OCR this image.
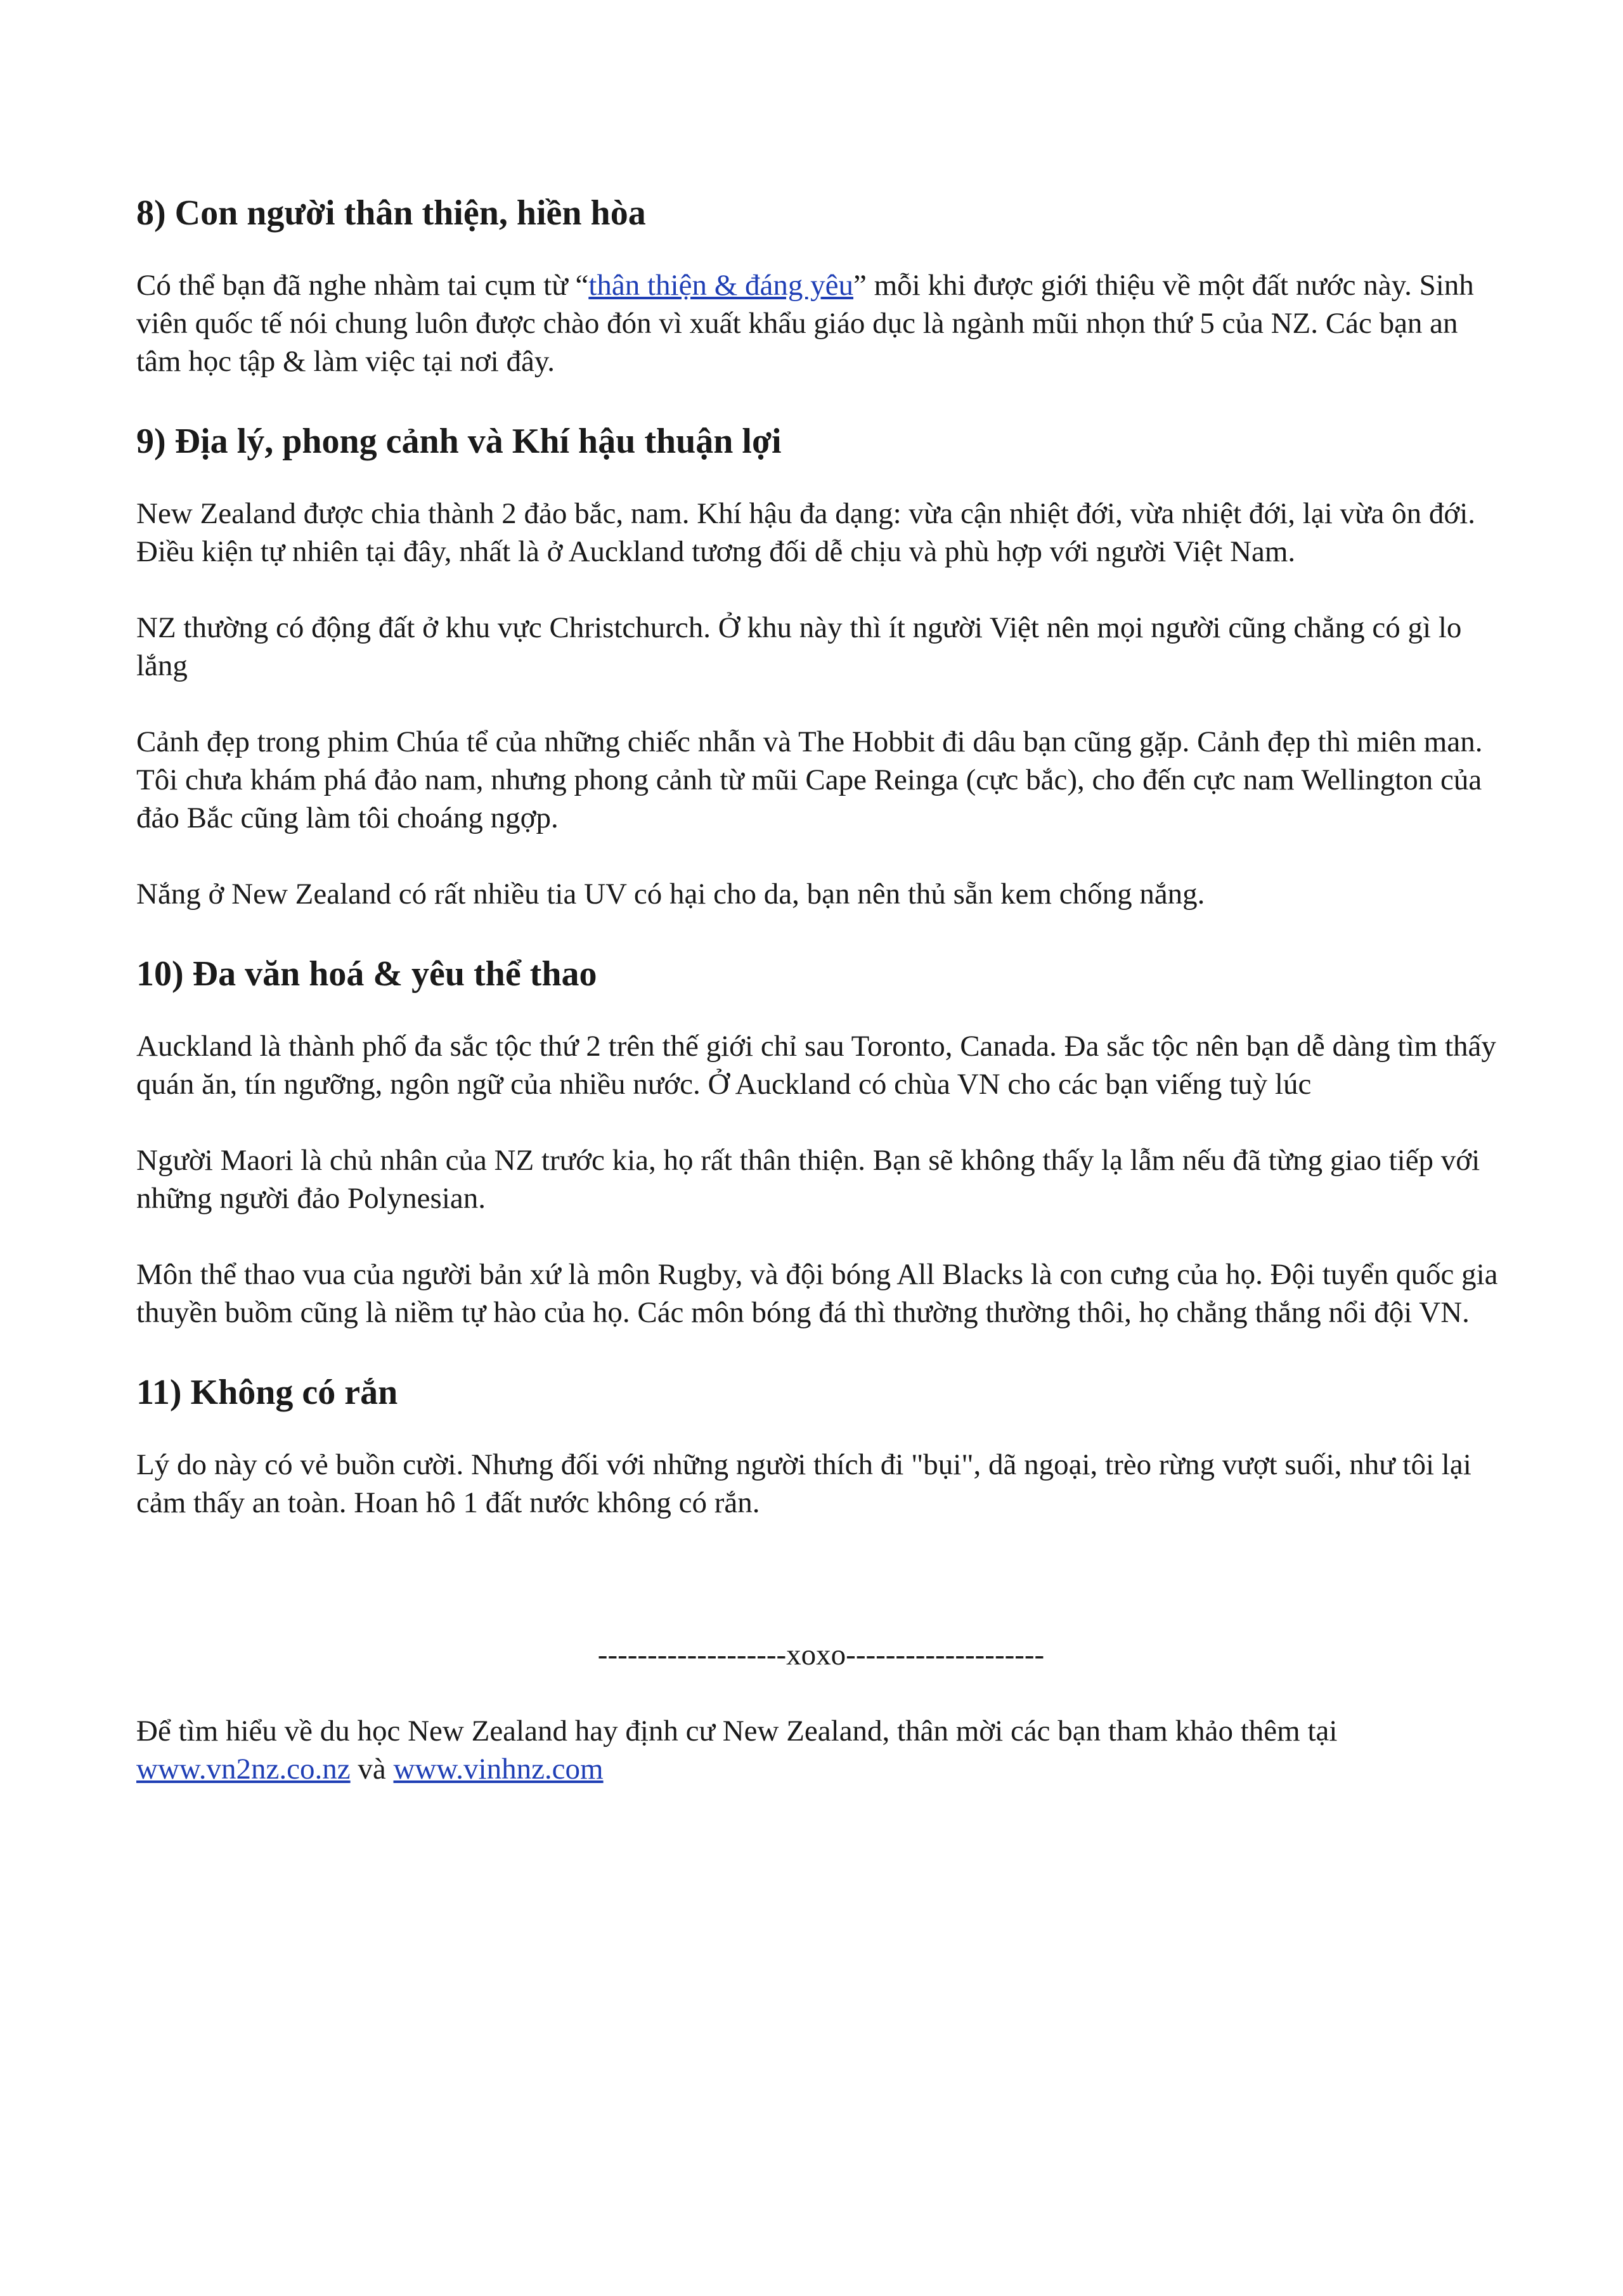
8) Con người thân thiện, hiền hòa

Có thể bạn đã nghe nhàm tai cụm từ “thân thiện & đáng yêu” mỗi khi được giới thiệu về một đất nước này. Sinh viên quốc tế nói chung luôn được chào đón vì xuất khẩu giáo dục là ngành mũi nhọn thứ 5 của NZ. Các bạn an tâm học tập & làm việc tại nơi đây.

9) Địa lý, phong cảnh và Khí hậu thuận lợi

New Zealand được chia thành 2 đảo bắc, nam. Khí hậu đa dạng: vừa cận nhiệt đới, vừa nhiệt đới, lại vừa ôn đới. Điều kiện tự nhiên tại đây, nhất là ở Auckland tương đối dễ chịu và phù hợp với người Việt Nam.

NZ thường có động đất ở khu vực Christchurch. Ở khu này thì ít người Việt nên mọi người cũng chẳng có gì lo lắng

Cảnh đẹp trong phim Chúa tể của những chiếc nhẫn và The Hobbit đi dâu bạn cũng gặp. Cảnh đẹp thì miên man. Tôi chưa khám phá đảo nam, nhưng phong cảnh từ mũi Cape Reinga (cực bắc), cho đến cực nam Wellington của đảo Bắc cũng làm tôi choáng ngợp.

Nắng ở New Zealand có rất nhiều tia UV có hại cho da, bạn nên thủ sẵn kem chống nắng.

10) Đa văn hoá & yêu thể thao

Auckland là thành phố đa sắc tộc thứ 2 trên thế giới chỉ sau Toronto, Canada. Đa sắc tộc nên bạn dễ dàng tìm thấy quán ăn, tín ngưỡng, ngôn ngữ của nhiều nước. Ở Auckland có chùa VN cho các bạn viếng tuỳ lúc

Người Maori là chủ nhân của NZ trước kia, họ rất thân thiện. Bạn sẽ không thấy lạ lẫm nếu đã từng giao tiếp với những người đảo Polynesian.

Môn thể thao vua của người bản xứ là môn Rugby, và đội bóng All Blacks là con cưng của họ. Đội tuyển quốc gia thuyền buồm cũng là niềm tự hào của họ. Các môn bóng đá thì thường thường thôi, họ chẳng thắng nổi đội VN.

11) Không có rắn

Lý do này có vẻ buồn cười. Nhưng đối với những người thích đi "bụi", dã ngoại, trèo rừng vượt suối, như tôi lại cảm thấy an toàn. Hoan hô 1 đất nước không có rắn.

-------------------xoxo--------------------

Để tìm hiểu về du học New Zealand hay định cư New Zealand, thân mời các bạn tham khảo thêm tại www.vn2nz.co.nz và www.vinhnz.com
